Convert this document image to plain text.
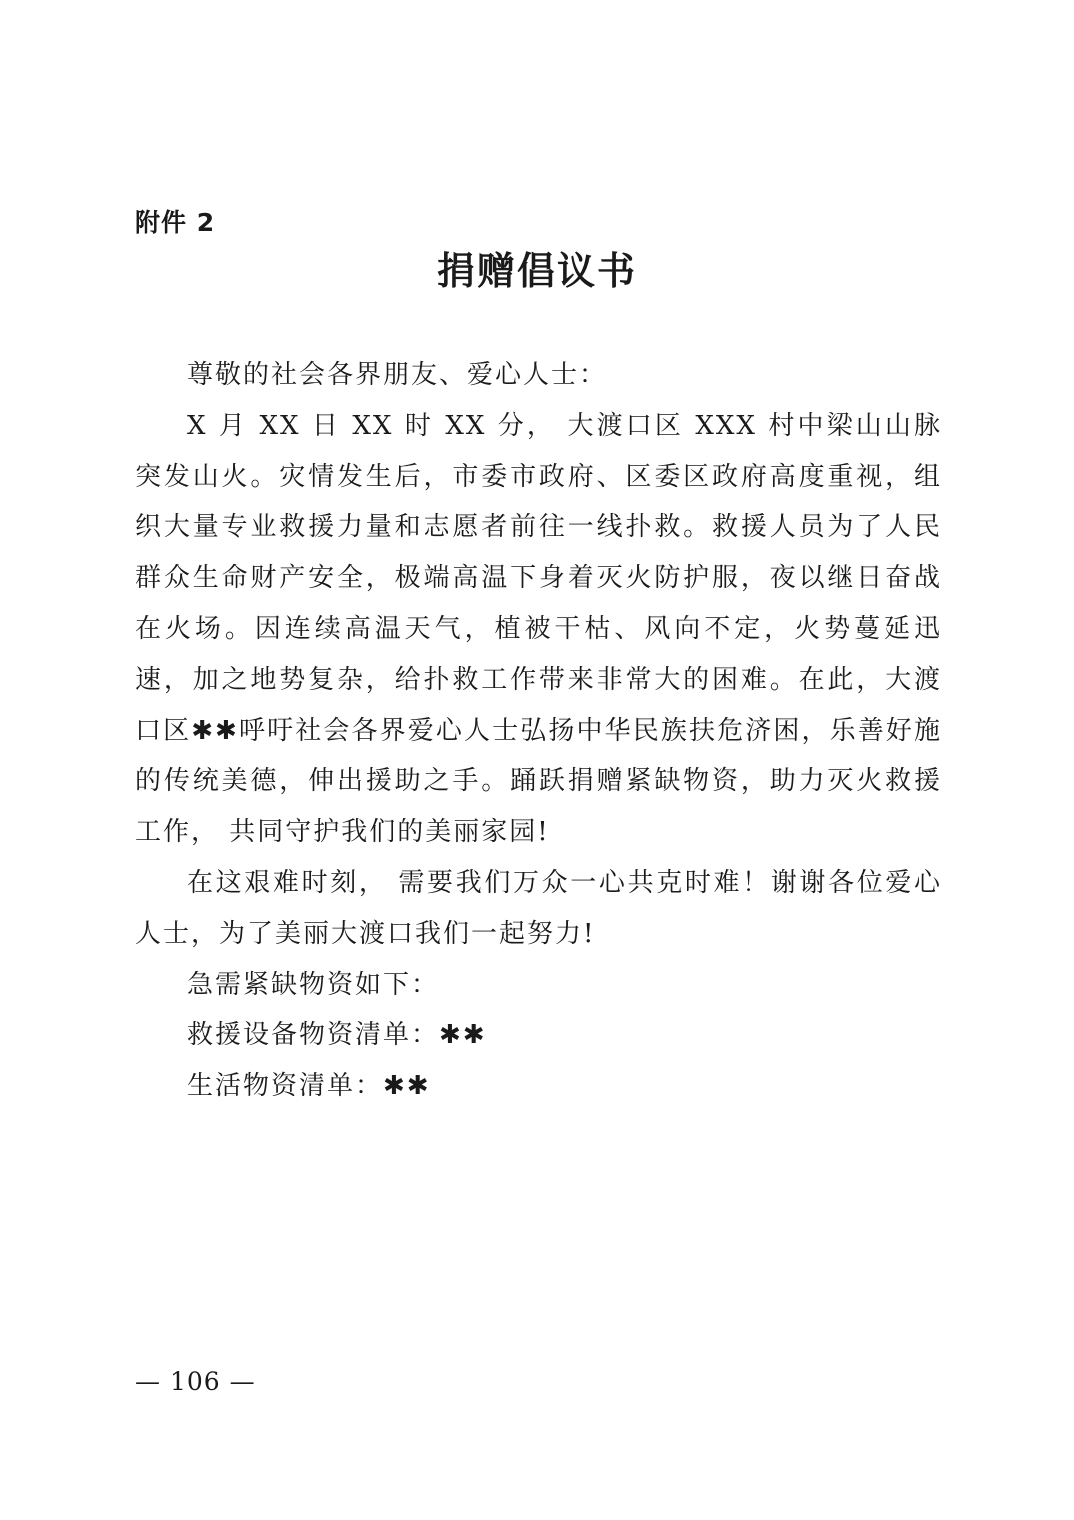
附件 2
捐赠倡议书

尊敬的社会各界朋友、爱心人士：

X 月 XX 日 XX 时 XX 分， 大渡口区 XXX 村中梁山山脉突发山火。灾情发生后，市委市政府、区委区政府高度重视，组织大量专业救援力量和志愿者前往一线扑救。救援人员为了人民群众生命财产安全，极端高温下身着灭火防护服，夜以继日奋战在火场。因连续高温天气，植被干枯、风向不定，火势蔓延迅速，加之地势复杂，给扑救工作带来非常大的困难。在此，大渡口区✱✱呼吁社会各界爱心人士弘扬中华民族扶危济困，乐善好施的传统美德，伸出援助之手。踊跃捐赠紧缺物资，助力灭火救援工作， 共同守护我们的美丽家园!

在这艰难时刻， 需要我们万众一心共克时难！谢谢各位爱心人士，为了美丽大渡口我们一起努力!

急需紧缺物资如下：

救援设备物资清单：✱✱

生活物资清单：✱✱

— 106 —
